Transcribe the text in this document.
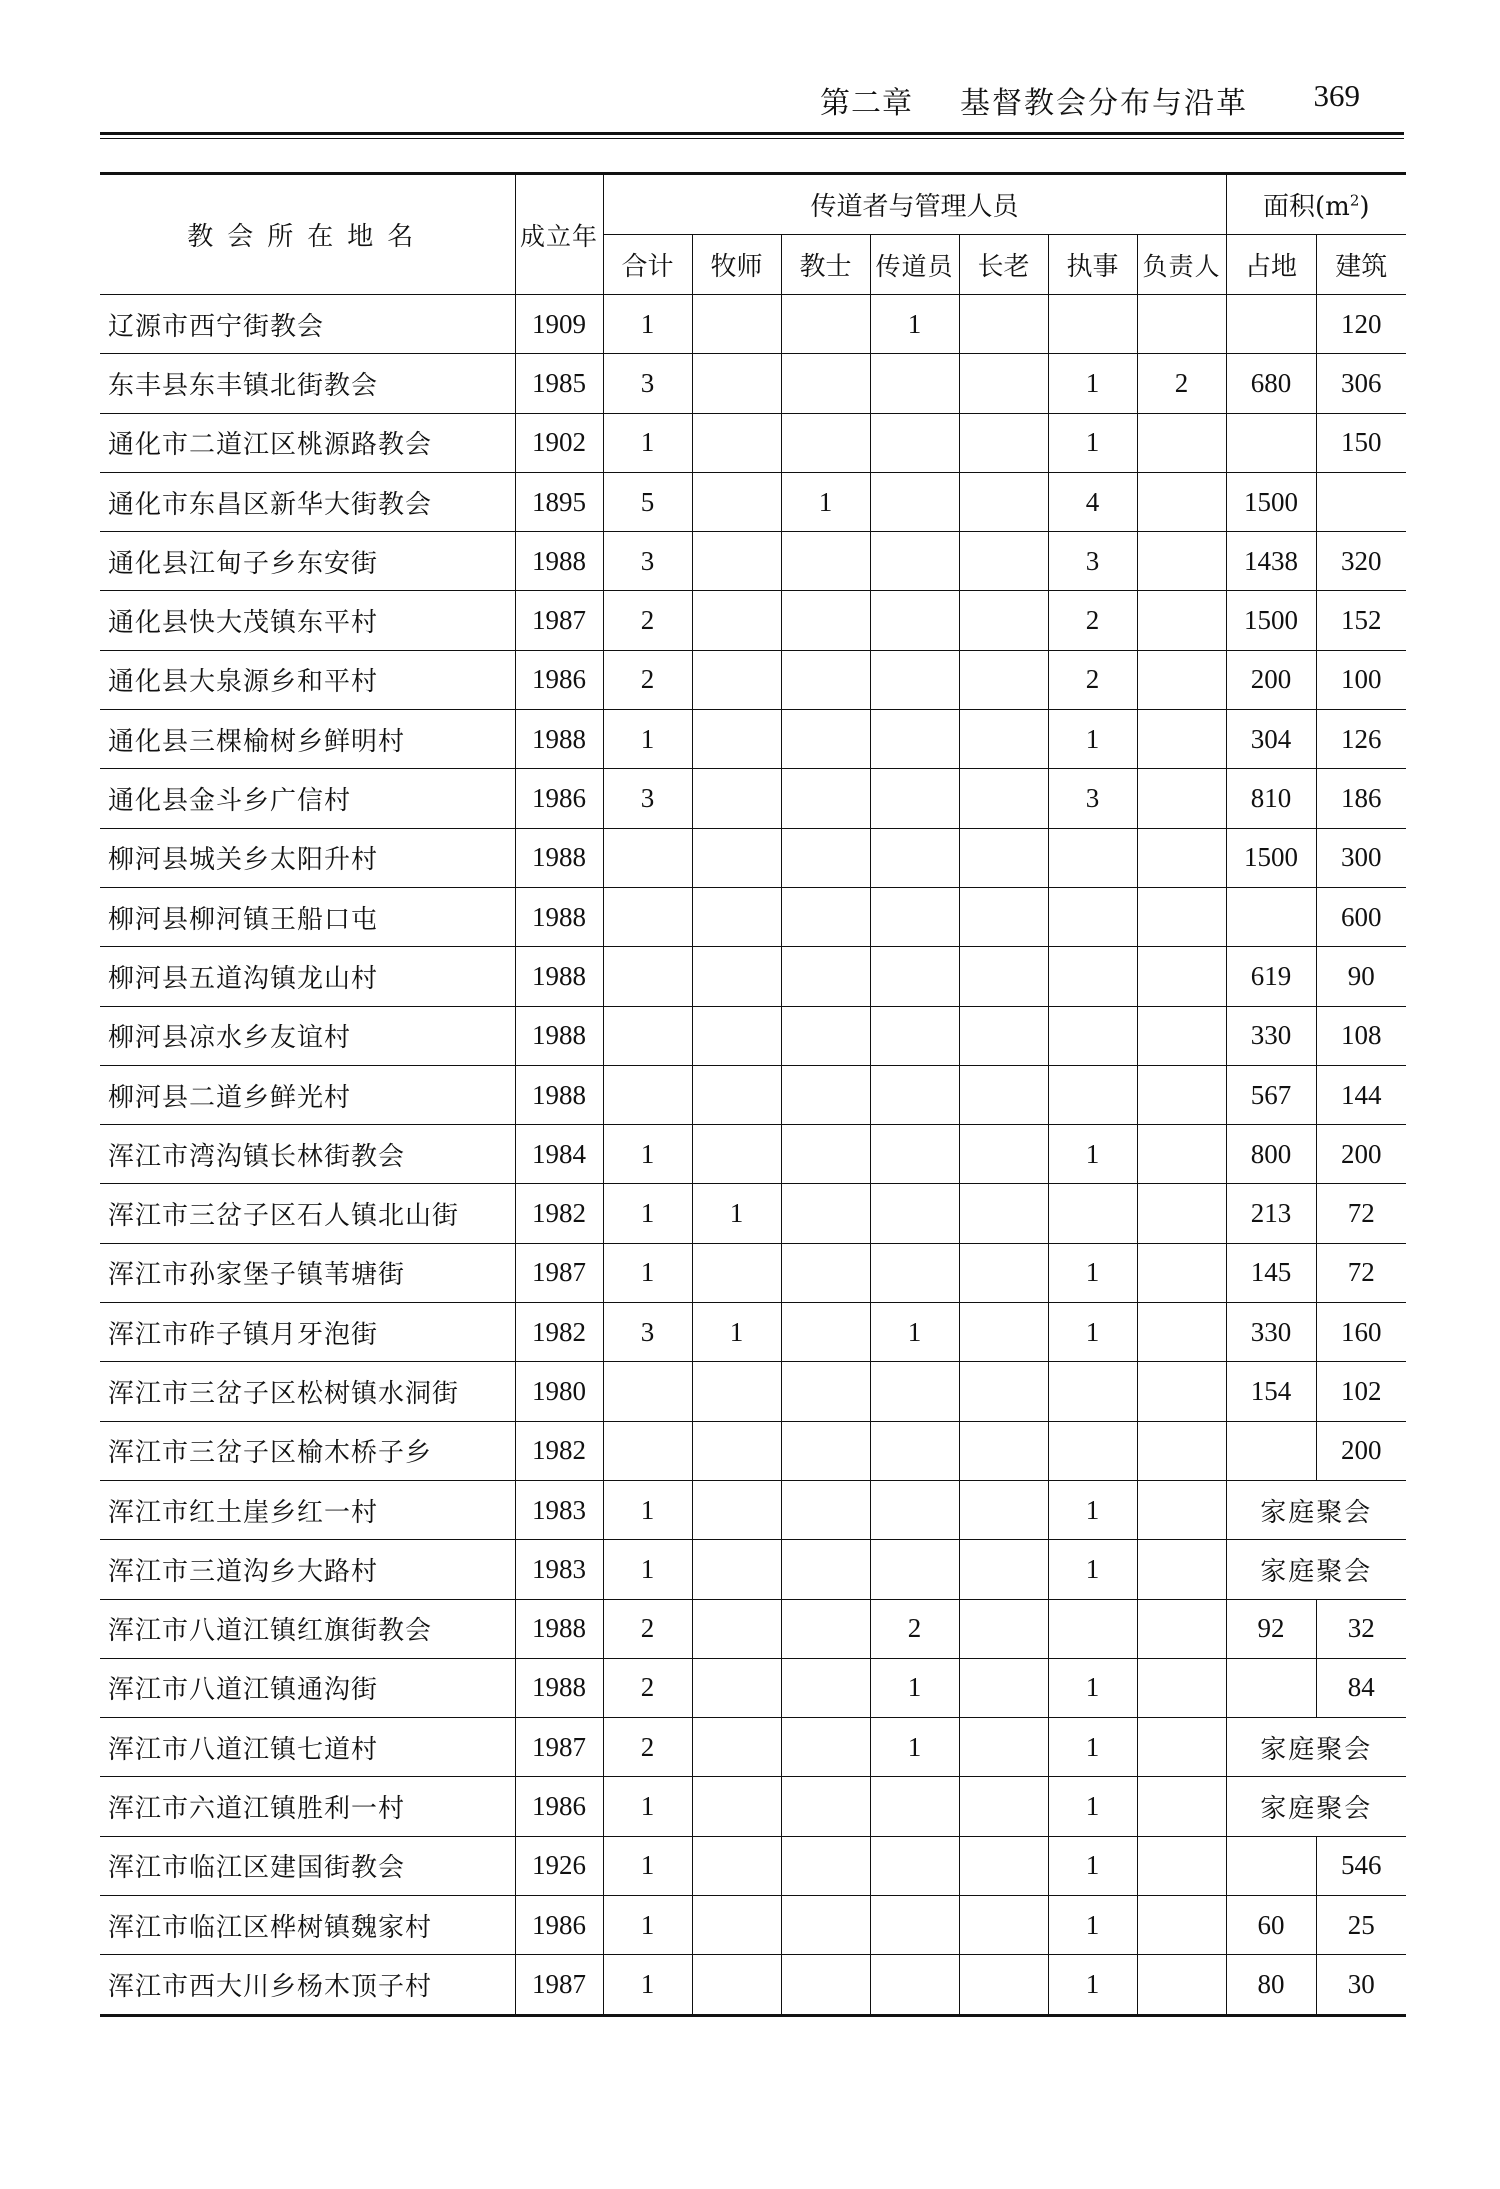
第二章 基督教会分布与沿革 369
教会所在地名	成立年	传道者与管理人员							面积$(m^2)$	
		合计	牧师	教士	传道员	长老	执事	负责人	占地	建筑
辽源市西宁街教会	1909	1			1					120
东丰县东丰镇北街教会	1985	3					1	2	680	306
通化市二道江区桃源路教会	1902	1					1			150
通化市东昌区新华大街教会	1895	5		1			4		1500	
通化县江甸子乡东安街	1988	3					3		1438	320
通化县快大茂镇东平村	1987	2					2		1500	152
通化县大泉源乡和平村	1986	2					2		200	100
通化县三棵榆树乡鲜明村	1988	1					1		304	126
通化县金斗乡广信村	1986	3					3		810	186
柳河县城关乡太阳升村	1988								1500	300
柳河县柳河镇王船口屯	1988									600
柳河县五道沟镇龙山村	1988								619	90
柳河县凉水乡友谊村	1988								330	108
柳河县二道乡鲜光村	1988								567	144
浑江市湾沟镇长林街教会	1984	1					1		800	200
浑江市三岔子区石人镇北山街	1982	1	1						213	72
浑江市孙家堡子镇苇塘街	1987	1					1		145	72
浑江市砟子镇月牙泡街	1982	3	1		1		1		330	160
浑江市三岔子区松树镇水洞街	1980								154	102
浑江市三岔子区榆木桥子乡	1982									200
浑江市红土崖乡红一村	1983	1					1		家庭聚会	
浑江市三道沟乡大路村	1983	1					1		家庭聚会	
浑江市八道江镇红旗街教会	1988	2			2				92	32
浑江市八道江镇通沟街	1988	2			1		1			84
浑江市八道江镇七道村	1987	2			1		1		家庭聚会	
浑江市六道江镇胜利一村	1986	1					1		家庭聚会	
浑江市临江区建国街教会	1926	1					1			546
浑江市临江区桦树镇魏家村	1986	1					1		60	25
浑江市西大川乡杨木顶子村	1987	1					1		80	30
